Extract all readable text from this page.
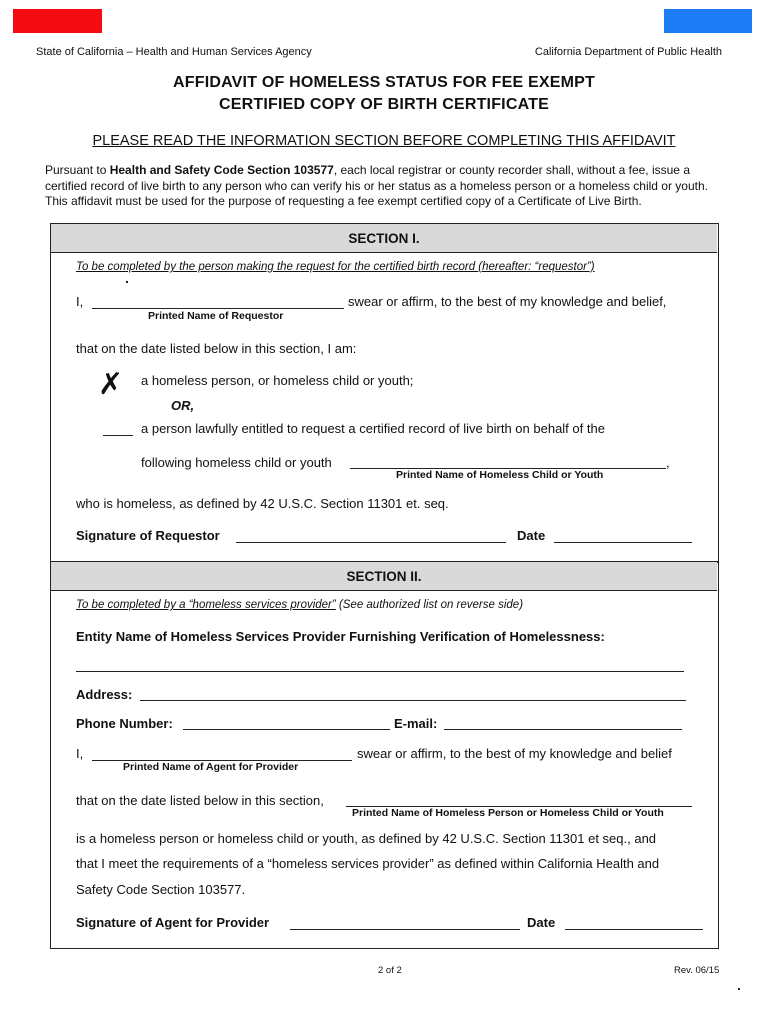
State of California – Health and Human Services Agency	California Department of Public Health
AFFIDAVIT OF HOMELESS STATUS FOR FEE EXEMPT
CERTIFIED COPY OF BIRTH CERTIFICATE
PLEASE READ THE INFORMATION SECTION BEFORE COMPLETING THIS AFFIDAVIT
Pursuant to Health and Safety Code Section 103577, each local registrar or county recorder shall, without a fee, issue a certified record of live birth to any person who can verify his or her status as a homeless person or a homeless child or youth. This affidavit must be used for the purpose of requesting a fee exempt certified copy of a Certificate of Live Birth.
SECTION I.
To be completed by the person making the request for the certified birth record (hereafter: “requestor”)
I,	swear or affirm, to the best of my knowledge and belief,
Printed Name of Requestor
that on the date listed below in this section, I am:
✗ a homeless person, or homeless child or youth;
OR,
a person lawfully entitled to request a certified record of live birth on behalf of the
following homeless child or youth	,
Printed Name of Homeless Child or Youth
who is homeless, as defined by 42 U.S.C. Section 11301 et. seq.
Signature of Requestor	Date
SECTION II.
To be completed by a “homeless services provider” (See authorized list on reverse side)
Entity Name of Homeless Services Provider Furnishing Verification of Homelessness:
Address:
Phone Number:	E-mail:
I,	swear or affirm, to the best of my knowledge and belief
Printed Name of Agent for Provider
that on the date listed below in this section,
Printed Name of Homeless Person or Homeless Child or Youth
is a homeless person or homeless child or youth, as defined by 42 U.S.C. Section 11301 et seq., and
that I meet the requirements of a “homeless services provider” as defined within California Health and
Safety Code Section 103577.
Signature of Agent for Provider	Date
2 of 2	Rev. 06/15
